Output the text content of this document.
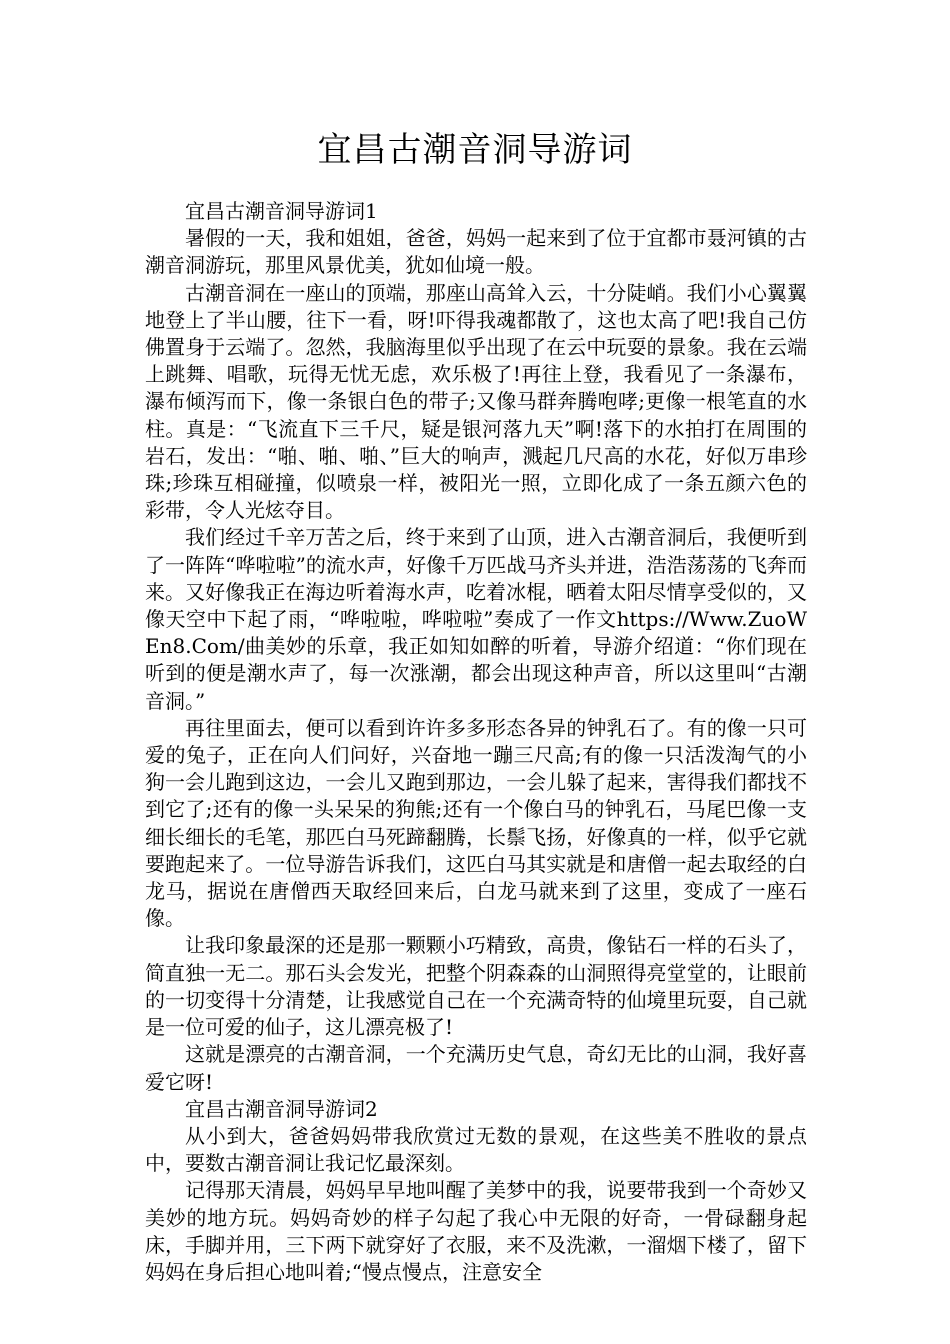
宜昌古潮音洞导游词

宜昌古潮音洞导游词1

暑假的一天，我和姐姐，爸爸，妈妈一起来到了位于宜都市聂河镇的古潮音洞游玩，那里风景优美，犹如仙境一般。

古潮音洞在一座山的顶端，那座山高耸入云，十分陡峭。我们小心翼翼地登上了半山腰，往下一看，呀!吓得我魂都散了，这也太高了吧!我自己仿佛置身于云端了。忽然，我脑海里似乎出现了在云中玩耍的景象。我在云端上跳舞、唱歌，玩得无忧无虑，欢乐极了!再往上登，我看见了一条瀑布，瀑布倾泻而下，像一条银白色的带子;又像马群奔腾咆哮;更像一根笔直的水柱。真是：“飞流直下三千尺，疑是银河落九天”啊!落下的水拍打在周围的岩石，发出：“啪、啪、啪、”巨大的响声，溅起几尺高的水花，好似万串珍珠;珍珠互相碰撞，似喷泉一样，被阳光一照，立即化成了一条五颜六色的彩带，令人光炫夺目。

我们经过千辛万苦之后，终于来到了山顶，进入古潮音洞后，我便听到了一阵阵“哗啦啦”的流水声，好像千万匹战马齐头并进，浩浩荡荡的飞奔而来。又好像我正在海边听着海水声，吃着冰棍，晒着太阳尽情享受似的，又像天空中下起了雨，“哗啦啦，哗啦啦”奏成了一作文https://Www.ZuoWEn8.Com/曲美妙的乐章，我正如知如醉的听着，导游介绍道：“你们现在听到的便是潮水声了，每一次涨潮，都会出现这种声音，所以这里叫“古潮音洞。”

再往里面去，便可以看到许许多多形态各异的钟乳石了。有的像一只可爱的兔子，正在向人们问好，兴奋地一蹦三尺高;有的像一只活泼淘气的小狗一会儿跑到这边，一会儿又跑到那边，一会儿躲了起来，害得我们都找不到它了;还有的像一头呆呆的狗熊;还有一个像白马的钟乳石，马尾巴像一支细长细长的毛笔，那匹白马死蹄翻腾，长鬃飞扬，好像真的一样，似乎它就要跑起来了。一位导游告诉我们，这匹白马其实就是和唐僧一起去取经的白龙马，据说在唐僧西天取经回来后，白龙马就来到了这里，变成了一座石像。

让我印象最深的还是那一颗颗小巧精致，高贵，像钻石一样的石头了，简直独一无二。那石头会发光，把整个阴森森的山洞照得亮堂堂的，让眼前的一切变得十分清楚，让我感觉自己在一个充满奇特的仙境里玩耍，自己就是一位可爱的仙子，这儿漂亮极了!

这就是漂亮的古潮音洞，一个充满历史气息，奇幻无比的山洞，我好喜爱它呀!

宜昌古潮音洞导游词2

从小到大，爸爸妈妈带我欣赏过无数的景观，在这些美不胜收的景点中，要数古潮音洞让我记忆最深刻。

记得那天清晨，妈妈早早地叫醒了美梦中的我，说要带我到一个奇妙又美妙的地方玩。妈妈奇妙的样子勾起了我心中无限的好奇，一骨碌翻身起床，手脚并用，三下两下就穿好了衣服，来不及洗漱，一溜烟下楼了，留下妈妈在身后担心地叫着;“慢点慢点，注意安全
